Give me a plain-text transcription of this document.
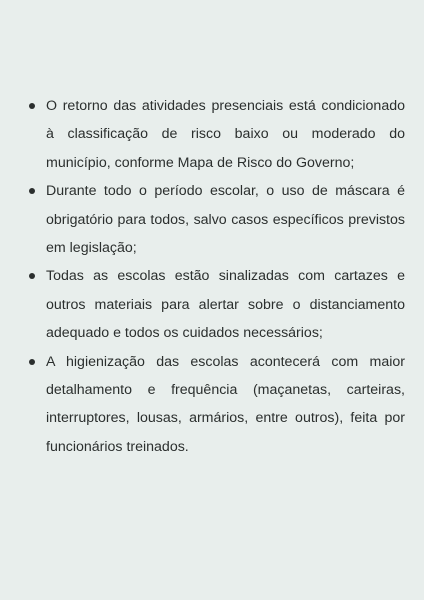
O retorno das atividades presenciais está condicionado à classificação de risco baixo ou moderado do município, conforme Mapa de Risco do Governo;
Durante todo o período escolar, o uso de máscara é obrigatório para todos, salvo casos específicos previstos em legislação;
Todas as escolas estão sinalizadas com cartazes e outros materiais para alertar sobre o distanciamento adequado e todos os cuidados necessários;
A higienização das escolas acontecerá com maior detalhamento e frequência (maçanetas, carteiras, interruptores, lousas, armários, entre outros), feita por funcionários treinados.
